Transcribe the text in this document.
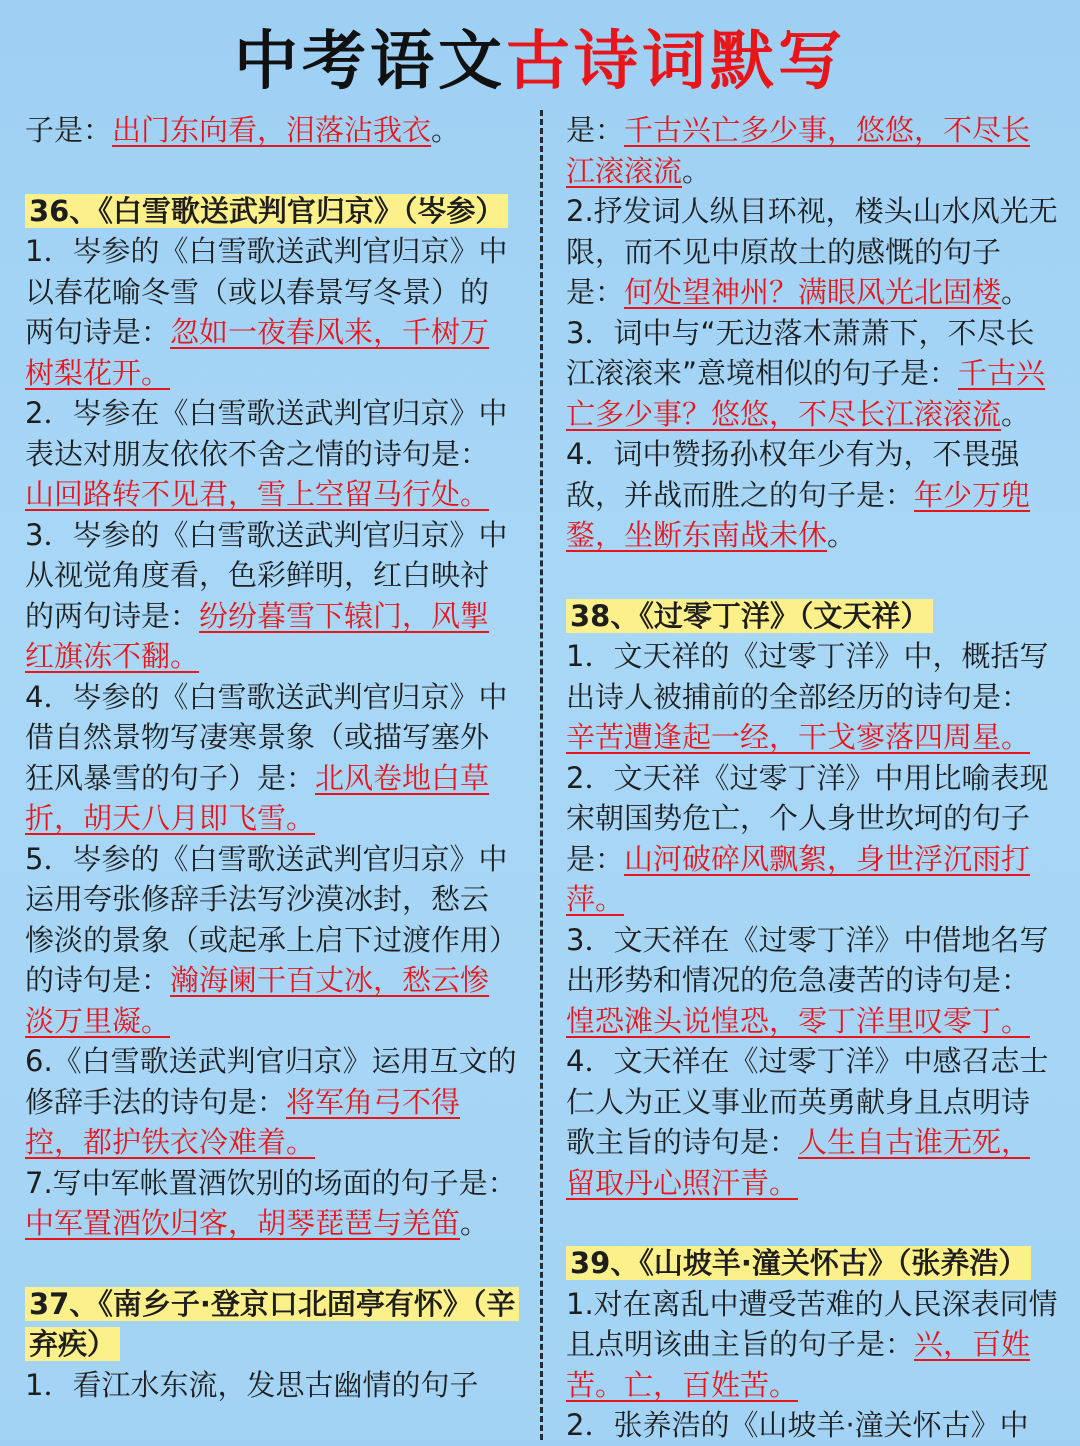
中考语文古诗词默写
子是：出门东向看，泪落沾我衣。
36、《白雪歌送武判官归京》（岑参）
1．岑参的《白雪歌送武判官归京》中以春花喻冬雪（或以春景写冬景）的两句诗是：忽如一夜春风来，千树万树梨花开。
2．岑参在《白雪歌送武判官归京》中表达对朋友依依不舍之情的诗句是：山回路转不见君，雪上空留马行处。
3．岑参的《白雪歌送武判官归京》中从视觉角度看，色彩鲜明，红白映衬的两句诗是：纷纷暮雪下辕门，风掣红旗冻不翻。
4．岑参的《白雪歌送武判官归京》中借自然景物写凄寒景象（或描写塞外狂风暴雪的句子）是：北风卷地白草折，胡天八月即飞雪。
5．岑参的《白雪歌送武判官归京》中运用夸张修辞手法写沙漠冰封，愁云惨淡的景象（或起承上启下过渡作用）的诗句是：瀚海阑干百丈冰，愁云惨淡万里凝。
6.《白雪歌送武判官归京》运用互文的修辞手法的诗句是：将军角弓不得控，都护铁衣冷难着。
7.写中军帐置酒饮别的场面的句子是：中军置酒饮归客，胡琴琵琶与羌笛。
37、《南乡子·登京口北固亭有怀》（辛弃疾）
1．看江水东流，发思古幽情的句子
是：千古兴亡多少事，悠悠，不尽长江滚滚流。
2.抒发词人纵目环视，楼头山水风光无限，而不见中原故土的感慨的句子是：何处望神州？满眼风光北固楼。
3．词中与“无边落木萧萧下，不尽长江滚滚来”意境相似的句子是：千古兴亡多少事？悠悠，不尽长江滚滚流。
4．词中赞扬孙权年少有为，不畏强敌，并战而胜之的句子是：年少万兜鍪，坐断东南战未休。
38、《过零丁洋》（文天祥）
1．文天祥的《过零丁洋》中，概括写出诗人被捕前的全部经历的诗句是：辛苦遭逢起一经，干戈寥落四周星。
2．文天祥《过零丁洋》中用比喻表现宋朝国势危亡，个人身世坎坷的句子是：山河破碎风飘絮，身世浮沉雨打萍。
3．文天祥在《过零丁洋》中借地名写出形势和情况的危急凄苦的诗句是：惶恐滩头说惶恐，零丁洋里叹零丁。
4．文天祥在《过零丁洋》中感召志士仁人为正义事业而英勇献身且点明诗歌主旨的诗句是：人生自古谁无死，留取丹心照汗青。
39、《山坡羊·潼关怀古》（张养浩）
1.对在离乱中遭受苦难的人民深表同情且点明该曲主旨的句子是：兴，百姓苦。亡，百姓苦。
2．张养浩的《山坡羊·潼关怀古》中
